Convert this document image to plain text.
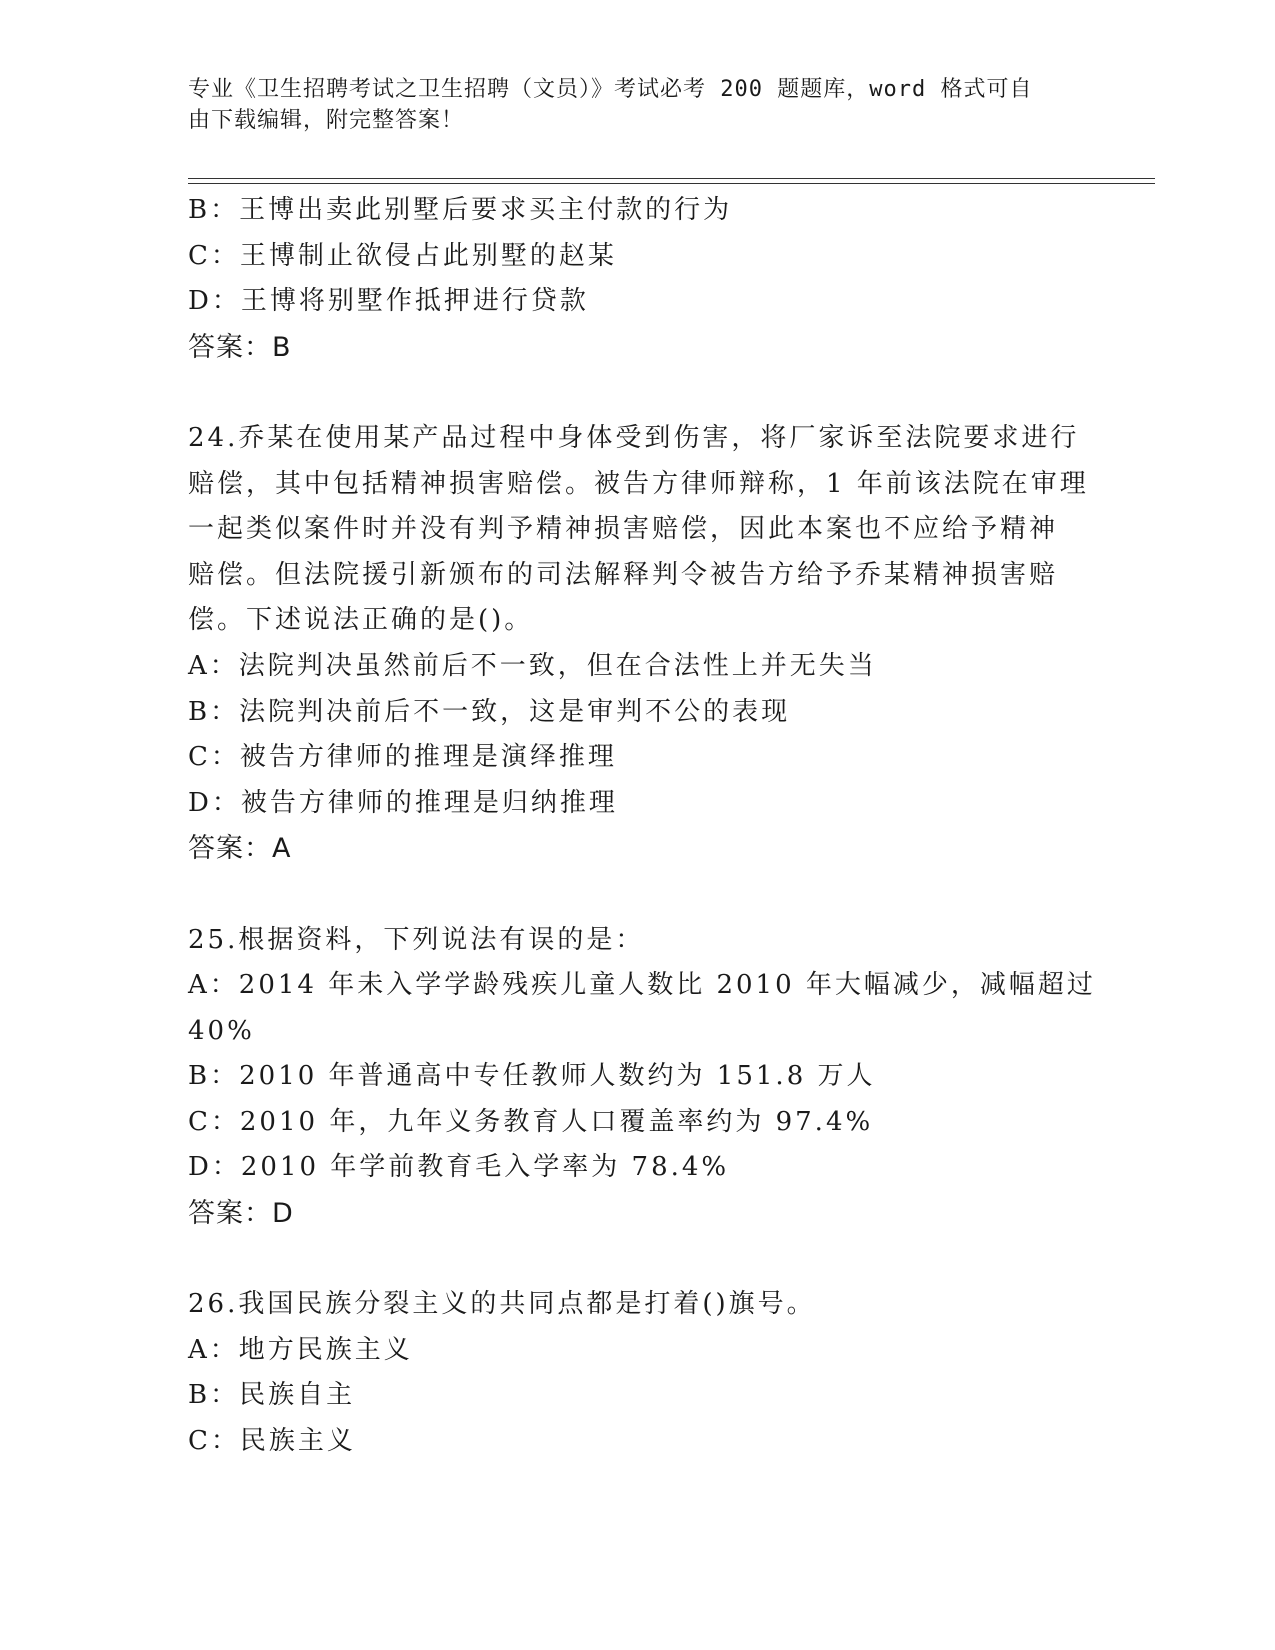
专业《卫生招聘考试之卫生招聘（文员）》考试必考 200 题题库，word 格式可自
由下载编辑，附完整答案！
B：王博出卖此别墅后要求买主付款的行为
C：王博制止欲侵占此别墅的赵某
D：王博将别墅作抵押进行贷款
答案：B
24.乔某在使用某产品过程中身体受到伤害，将厂家诉至法院要求进行
赔偿，其中包括精神损害赔偿。被告方律师辩称，1 年前该法院在审理
一起类似案件时并没有判予精神损害赔偿，因此本案也不应给予精神
赔偿。但法院援引新颁布的司法解释判令被告方给予乔某精神损害赔
偿。下述说法正确的是()。
A：法院判决虽然前后不一致，但在合法性上并无失当
B：法院判决前后不一致，这是审判不公的表现
C：被告方律师的推理是演绎推理
D：被告方律师的推理是归纳推理
答案：A
25.根据资料，下列说法有误的是：
A：2014 年未入学学龄残疾儿童人数比 2010 年大幅减少，减幅超过
40%
B：2010 年普通高中专任教师人数约为 151.8 万人
C：2010 年，九年义务教育人口覆盖率约为 97.4%
D：2010 年学前教育毛入学率为 78.4%
答案：D
26.我国民族分裂主义的共同点都是打着()旗号。
A：地方民族主义
B：民族自主
C：民族主义
